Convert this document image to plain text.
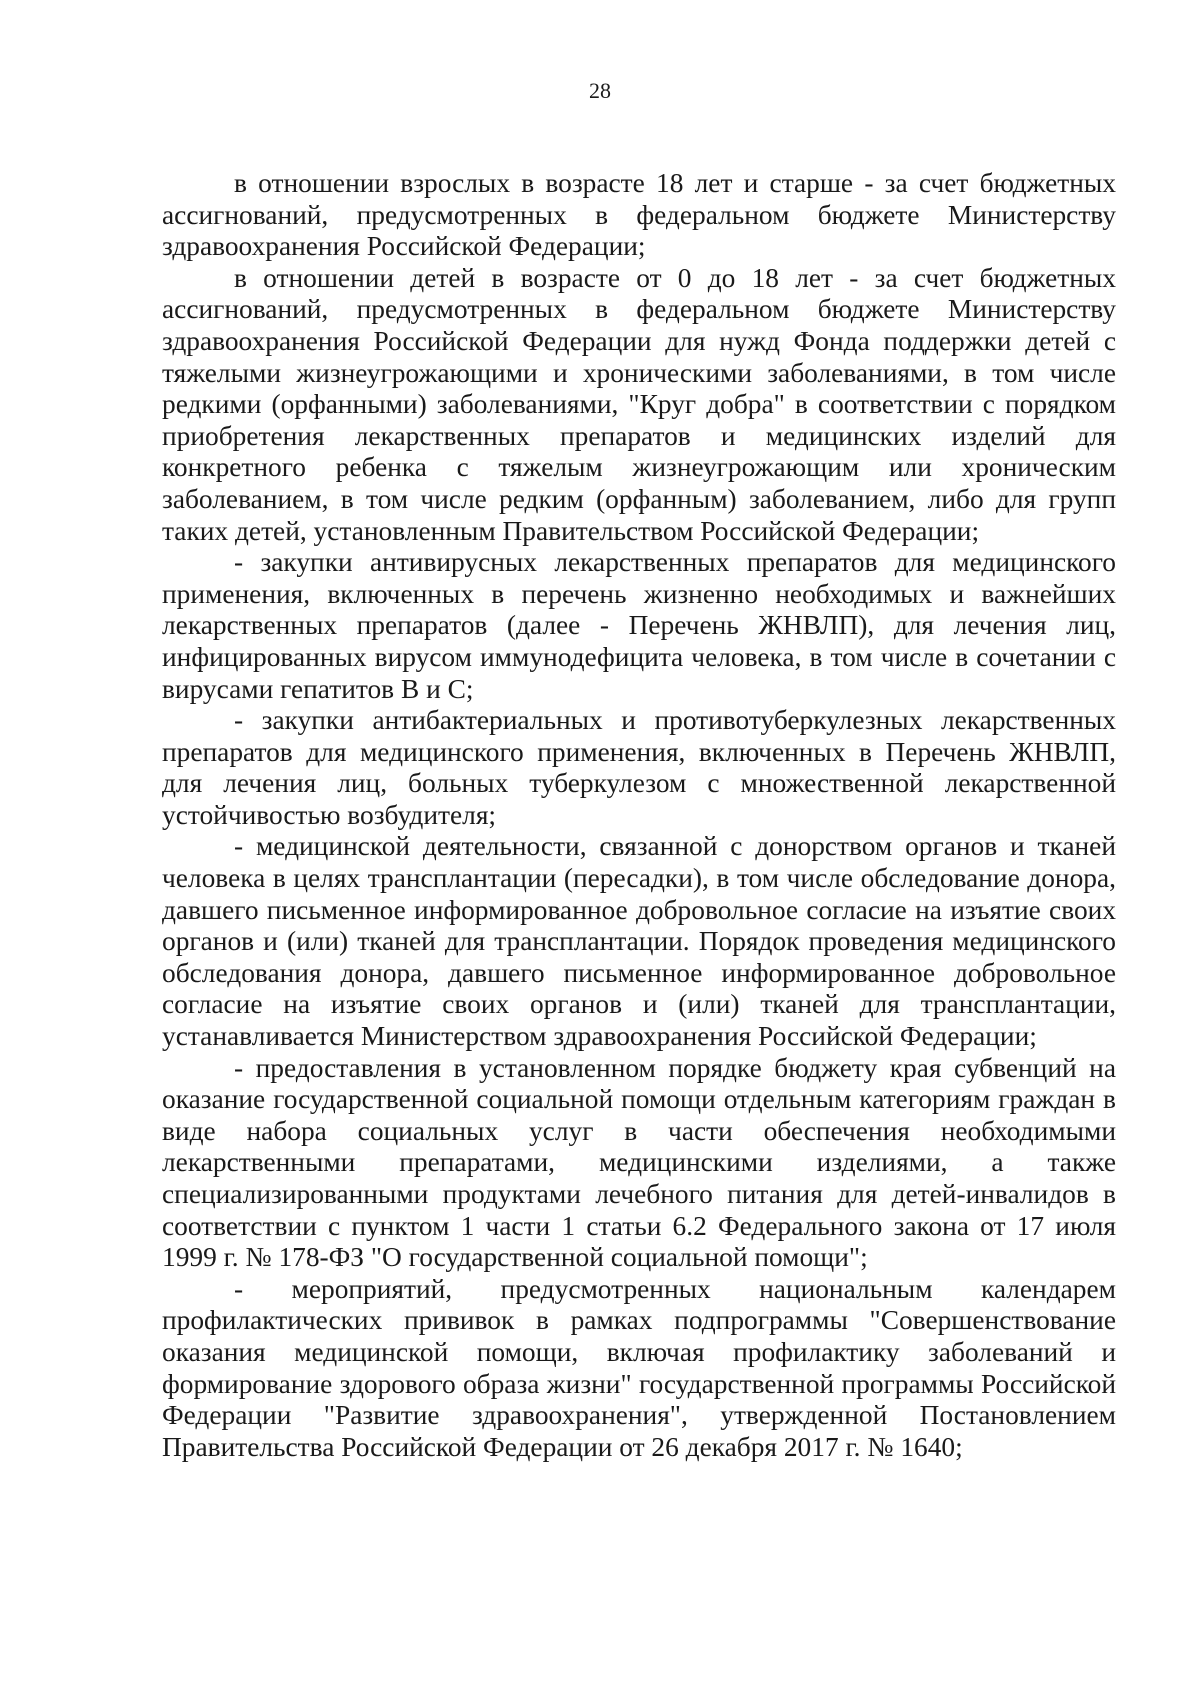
28

в отношении взрослых в возрасте 18 лет и старше - за счет бюджетных ассигнований, предусмотренных в федеральном бюджете Министерству здравоохранения Российской Федерации;

в отношении детей в возрасте от 0 до 18 лет - за счет бюджетных ассигнований, предусмотренных в федеральном бюджете Министерству здравоохранения Российской Федерации для нужд Фонда поддержки детей с тяжелыми жизнеугрожающими и хроническими заболеваниями, в том числе редкими (орфанными) заболеваниями, "Круг добра" в соответствии с порядком приобретения лекарственных препаратов и медицинских изделий для конкретного ребенка с тяжелым жизнеугрожающим или хроническим заболеванием, в том числе редким (орфанным) заболеванием, либо для групп таких детей, установленным Правительством Российской Федерации;

- закупки антивирусных лекарственных препаратов для медицинского применения, включенных в перечень жизненно необходимых и важнейших лекарственных препаратов (далее - Перечень ЖНВЛП), для лечения лиц, инфицированных вирусом иммунодефицита человека, в том числе в сочетании с вирусами гепатитов B и C;

- закупки антибактериальных и противотуберкулезных лекарственных препаратов для медицинского применения, включенных в Перечень ЖНВЛП, для лечения лиц, больных туберкулезом с множественной лекарственной устойчивостью возбудителя;

- медицинской деятельности, связанной с донорством органов и тканей человека в целях трансплантации (пересадки), в том числе обследование донора, давшего письменное информированное добровольное согласие на изъятие своих органов и (или) тканей для трансплантации. Порядок проведения медицинского обследования донора, давшего письменное информированное добровольное согласие на изъятие своих органов и (или) тканей для трансплантации, устанавливается Министерством здравоохранения Российской Федерации;

- предоставления в установленном порядке бюджету края субвенций на оказание государственной социальной помощи отдельным категориям граждан в виде набора социальных услуг в части обеспечения необходимыми лекарственными препаратами, медицинскими изделиями, а также специализированными продуктами лечебного питания для детей-инвалидов в соответствии с пунктом 1 части 1 статьи 6.2 Федерального закона от 17 июля 1999 г. № 178-ФЗ "О государственной социальной помощи";

- мероприятий, предусмотренных национальным календарем профилактических прививок в рамках подпрограммы "Совершенствование оказания медицинской помощи, включая профилактику заболеваний и формирование здорового образа жизни" государственной программы Российской Федерации "Развитие здравоохранения", утвержденной Постановлением Правительства Российской Федерации от 26 декабря 2017 г. № 1640;
